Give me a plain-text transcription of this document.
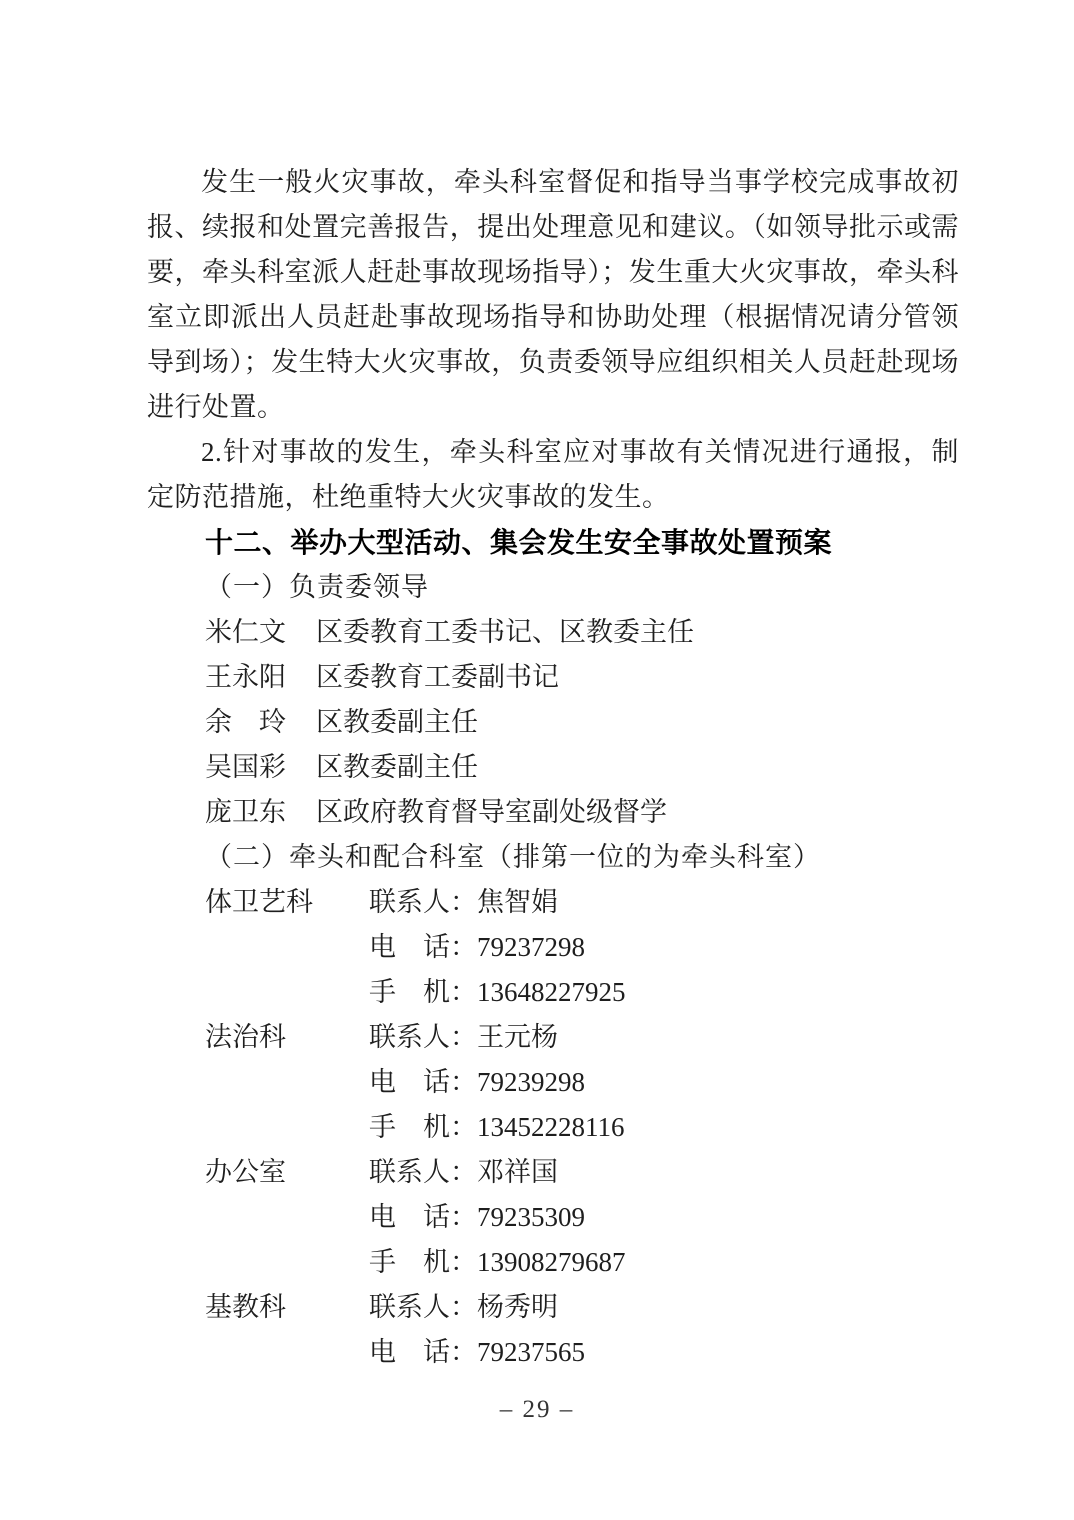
发生一般火灾事故，牵头科室督促和指导当事学校完成事故初报、续报和处置完善报告，提出处理意见和建议。（如领导批示或需要，牵头科室派人赶赴事故现场指导）；发生重大火灾事故，牵头科室立即派出人员赶赴事故现场指导和协助处理（根据情况请分管领导到场）；发生特大火灾事故，负责委领导应组织相关人员赶赴现场进行处置。

2.针对事故的发生，牵头科室应对事故有关情况进行通报，制定防范措施，杜绝重特大火灾事故的发生。

十二、举办大型活动、集会发生安全事故处置预案
（一）负责委领导
米仁文 区委教育工委书记、区教委主任
王永阳 区委教育工委副书记
余　玲 区教委副主任
吴国彩 区教委副主任
庞卫东 区政府教育督导室副处级督学
（二）牵头和配合科室（排第一位的为牵头科室）
体卫艺科 联系人：焦智娟
电　话：79237298
手　机：13648227925
法治科	联系人：王元杨
电　话：79239298
手　机：13452228116
办公室	联系人：邓祥国
电　话：79235309
手　机：13908279687
基教科	联系人：杨秀明
电　话：79237565
– 29 –
